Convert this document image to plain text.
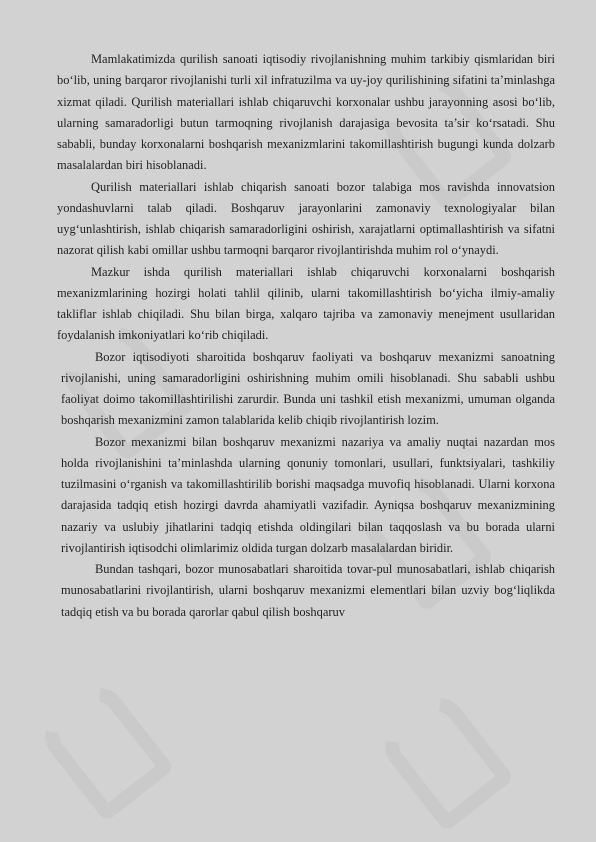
Mamlakatimizda qurilish sanoati iqtisodiy rivojlanishning muhim tarkibiy qismlaridan biri bo‘lib, uning barqaror rivojlanishi turli xil infratuzilma va uy-joy qurilishining sifatini ta’minlashga xizmat qiladi. Qurilish materiallari ishlab chiqaruvchi korxonalar ushbu jarayonning asosi bo‘lib, ularning samaradorligi butun tarmoqning rivojlanish darajasiga bevosita ta’sir ko‘rsatadi. Shu sababli, bunday korxonalarni boshqarish mexanizmlarini takomillashtirish bugungi kunda dolzarb masalalardan biri hisoblanadi.

Qurilish materiallari ishlab chiqarish sanoati bozor talabiga mos ravishda innovatsion yondashuvlarni talab qiladi. Boshqaruv jarayonlarini zamonaviy texnologiyalar bilan uyg‘unlashtirish, ishlab chiqarish samaradorligini oshirish, xarajatlarni optimallashtirish va sifatni nazorat qilish kabi omillar ushbu tarmoqni barqaror rivojlantirishda muhim rol o‘ynaydi.

Mazkur ishda qurilish materiallari ishlab chiqaruvchi korxonalarni boshqarish mexanizmlarining hozirgi holati tahlil qilinib, ularni takomillashtirish bo‘yicha ilmiy-amaliy takliflar ishlab chiqiladi. Shu bilan birga, xalqaro tajriba va zamonaviy menejment usullaridan foydalanish imkoniyatlari ko‘rib chiqiladi.

Bozor iqtisodiyoti sharoitida boshqaruv faoliyati va boshqaruv mexanizmi sanoatning rivojlanishi, uning samaradorligini oshirishning muhim omili hisoblanadi. Shu sababli ushbu faoliyat doimo takomillashtirilishi zarurdir. Bunda uni tashkil etish mexanizmi, umuman olganda boshqarish mexanizmini zamon talablarida kelib chiqib rivojlantirish lozim.

Bozor mexanizmi bilan boshqaruv mexanizmi nazariya va amaliy nuqtai nazardan mos holda rivojlanishini ta’minlashda ularning qonuniy tomonlari, usullari, funktsiyalari, tashkiliy tuzilmasini o‘rganish va takomillashtirilib borishi maqsadga muvofiq hisoblanadi. Ularni korxona darajasida tadqiq etish hozirgi davrda ahamiyatli vazifadir. Ayniqsa boshqaruv mexanizmining nazariy va uslubiy jihatlarini tadqiq etishda oldingilari bilan taqqoslash va bu borada ularni rivojlantirish iqtisodchi olimlarimiz oldida turgan dolzarb masalalardan biridir.

Bundan tashqari, bozor munosabatlari sharoitida tovar-pul munosabatlari, ishlab chiqarish munosabatlarini rivojlantirish, ularni boshqaruv mexanizmi elementlari bilan uzviy bog‘liqlikda tadqiq etish va bu borada qarorlar qabul qilish boshqaruv
